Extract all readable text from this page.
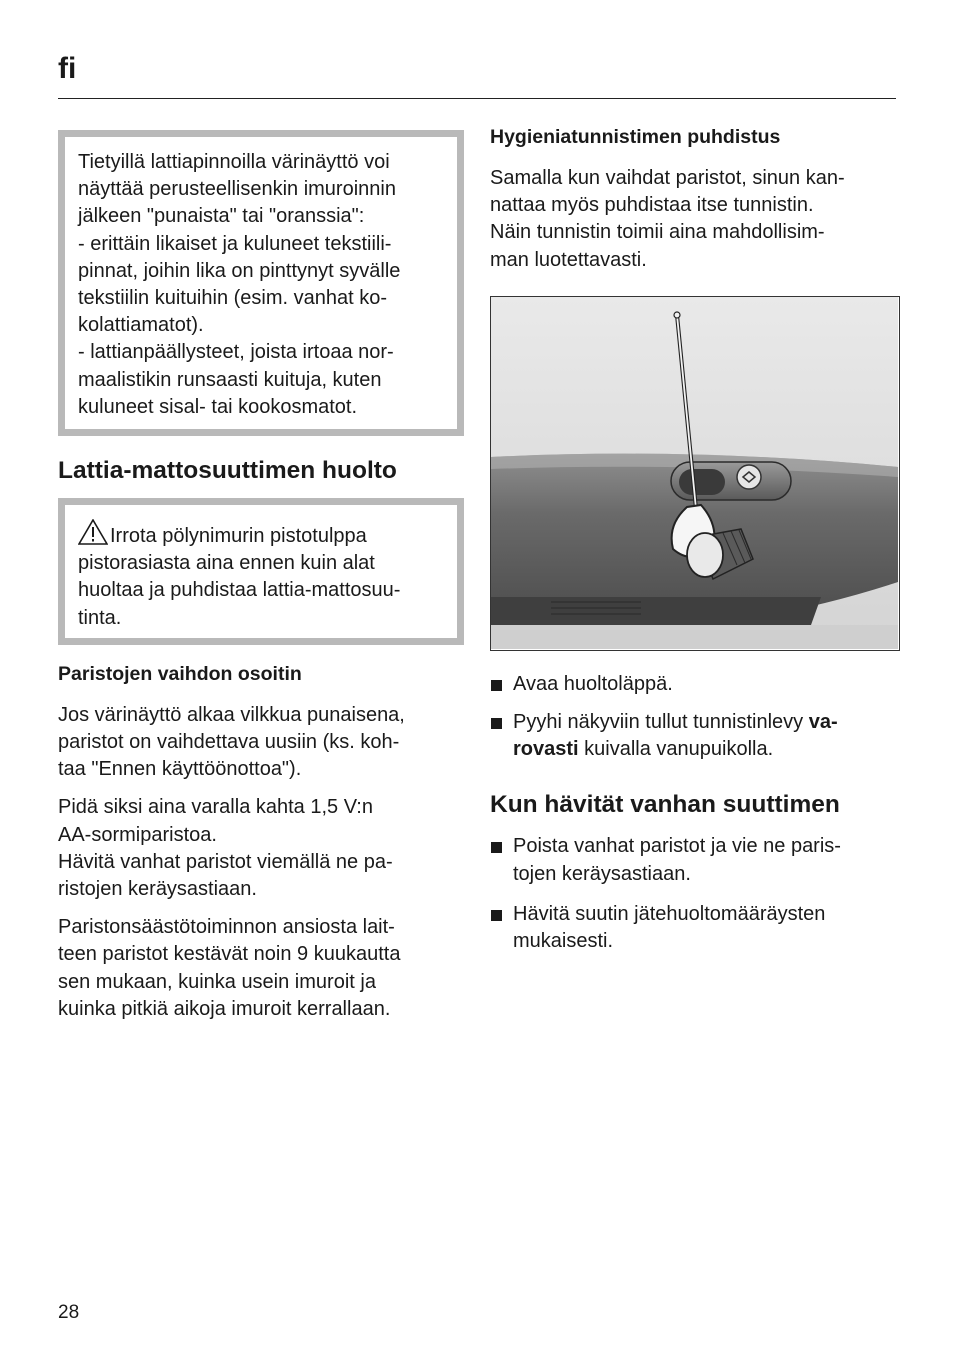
fi

Tietyillä lattiapinnoilla värinäyttö voi

näyttää perusteellisenkin imuroinnin

jälkeen "punaista" tai "oranssia":

- erittäin likaiset ja kuluneet tekstiili-

pinnat, joihin lika on pinttynyt syvälle

tekstiilin kuituihin (esim. vanhat ko-

kolattiamatot).

- lattianpäällysteet, joista irtoaa nor-

maalistikin runsaasti kuituja, kuten

kuluneet sisal- tai kookosmatot.

Lattia-mattosuuttimen huolto

Irrota pölynimurin pistotulppa

pistorasiasta aina ennen kuin alat

huoltaa ja puhdistaa lattia-mattosuu-

tinta.

Paristojen vaihdon osoitin

Jos värinäyttö alkaa vilkkua punaisena,

paristot on vaihdettava uusiin (ks. koh-

taa "Ennen käyttöönottoa").

Pidä siksi aina varalla kahta 1,5 V:n

AA-sormiparistoa.

Hävitä vanhat paristot viemällä ne pa-

ristojen keräysastiaan.

Paristonsäästötoiminnon ansiosta lait-

teen paristot kestävät noin 9 kuukautta

sen mukaan, kuinka usein imuroit ja

kuinka pitkiä aikoja imuroit kerrallaan.

Hygieniatunnistimen puhdistus

Samalla kun vaihdat paristot, sinun kan-

nattaa myös puhdistaa itse tunnistin.

Näin tunnistin toimii aina mahdollisim-

man luotettavasti.

Avaa huoltoläppä.
Pyyhi näkyviin tullut tunnistinlevy va-
rovasti kuivalla vanupuikolla.
Kun hävität vanhan suuttimen
Poista vanhat paristot ja vie ne paris-
tojen keräysastiaan.
Hävitä suutin jätehuoltomääräysten
mukaisesti.
28
